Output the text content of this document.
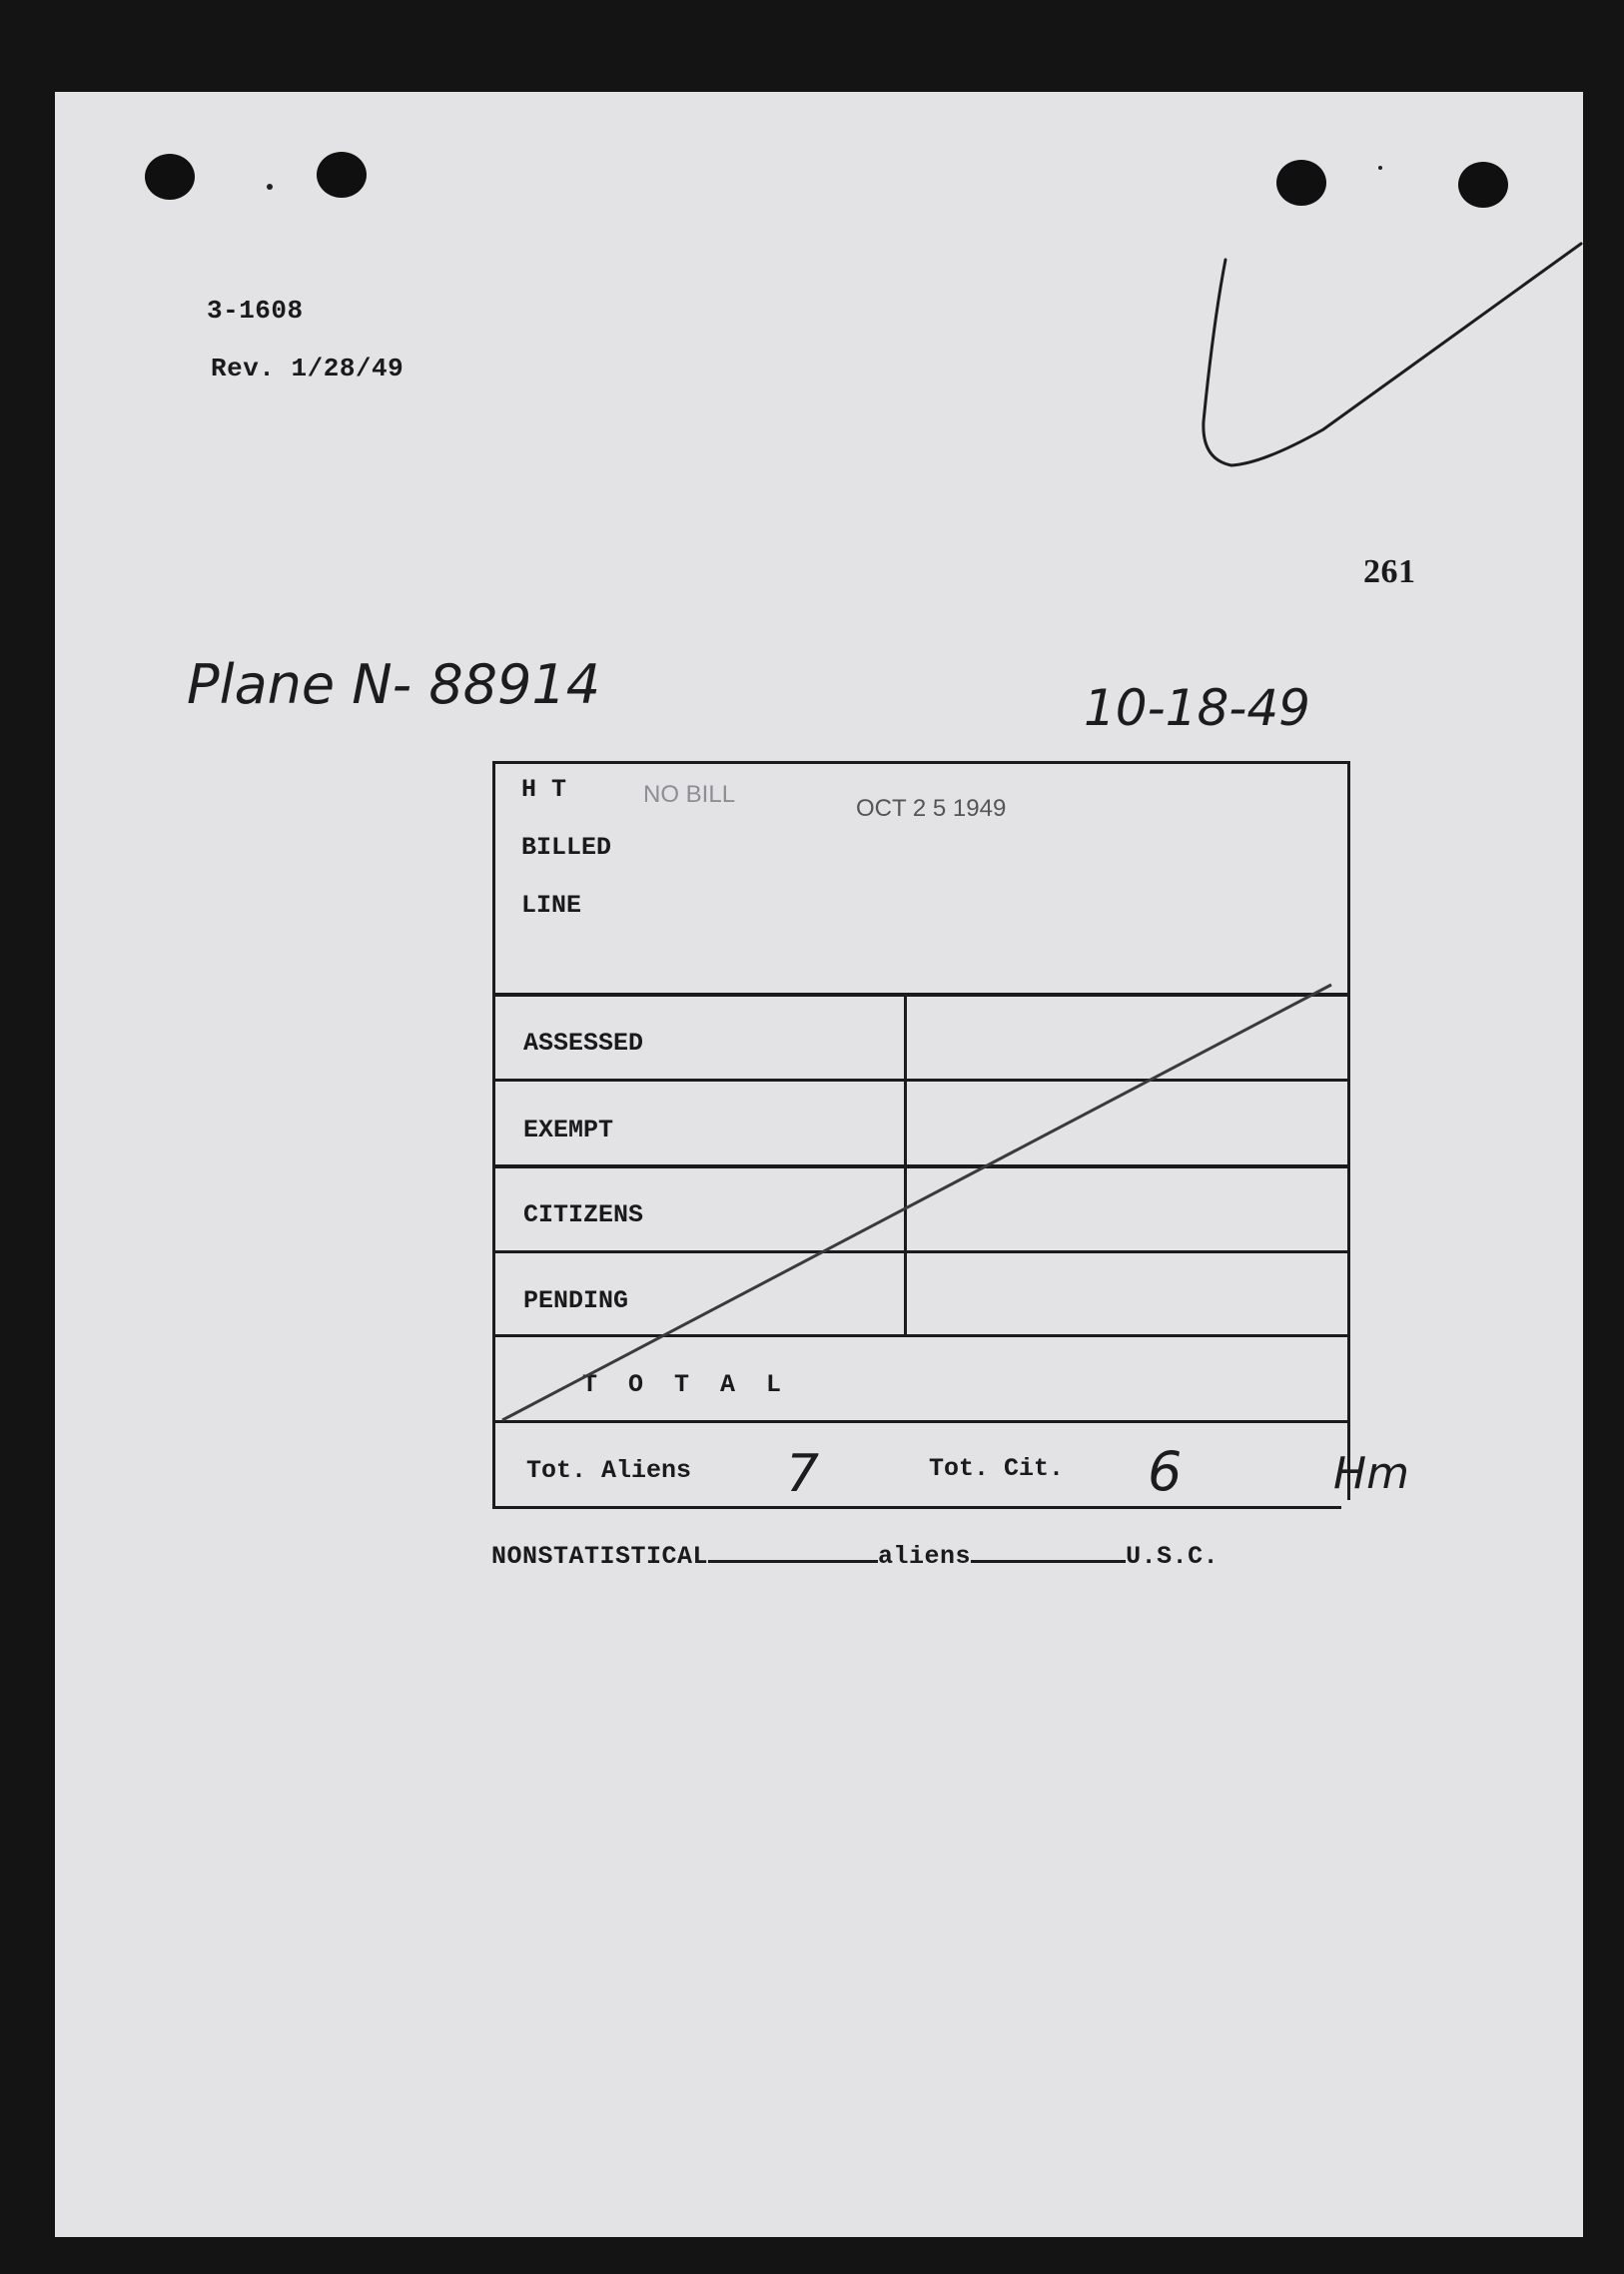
3-1608
Rev. 1/28/49
261
Plane N- 88914	10-18-49
H T
BILLED
LINE
NO BILL
OCT 2 5 1949
ASSESSED
EXEMPT
CITIZENS
PENDING
T O T A L
Tot. Aliens 7	Tot. Cit. 6	Hm
NONSTATISTICAL	aliens	U.S.C.
